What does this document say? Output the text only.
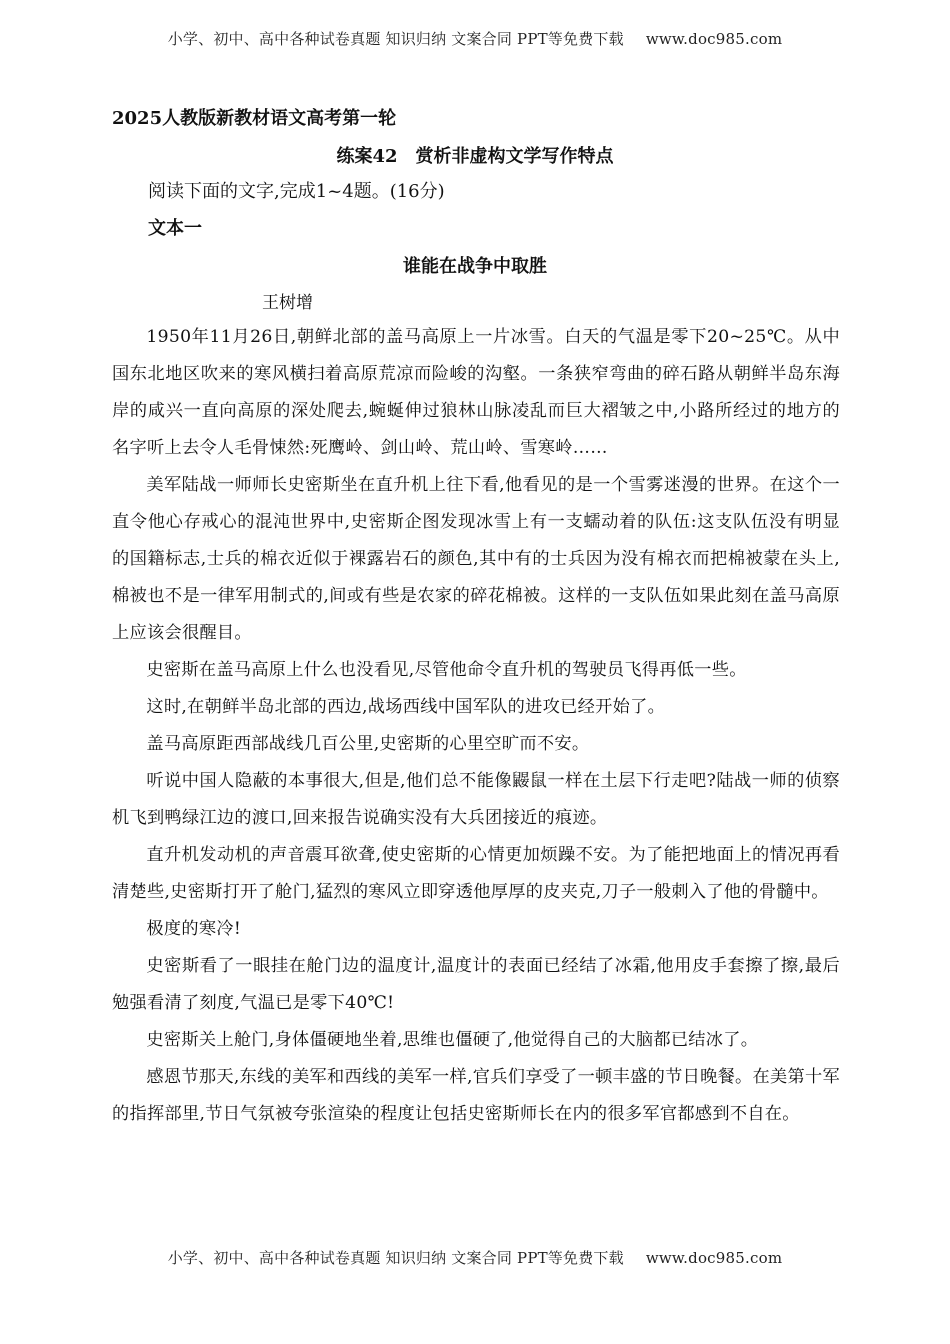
小学、初中、高中各种试卷真题 知识归纳 文案合同 PPT等免费下载 www.doc985.com
2025人教版新教材语文高考第一轮
练案42 赏析非虚构文学写作特点
阅读下面的文字,完成1~4题。(16分)
文本一
谁能在战争中取胜
王树增

1950年11月26日,朝鲜北部的盖马高原上一片冰雪。白天的气温是零下20~25℃。从中国东北地区吹来的寒风横扫着高原荒凉而险峻的沟壑。一条狭窄弯曲的碎石路从朝鲜半岛东海岸的咸兴一直向高原的深处爬去,蜿蜒伸过狼林山脉凌乱而巨大褶皱之中,小路所经过的地方的名字听上去令人毛骨悚然:死鹰岭、剑山岭、荒山岭、雪寒岭……

美军陆战一师师长史密斯坐在直升机上往下看,他看见的是一个雪雾迷漫的世界。在这个一直令他心存戒心的混沌世界中,史密斯企图发现冰雪上有一支蠕动着的队伍:这支队伍没有明显的国籍标志,士兵的棉衣近似于裸露岩石的颜色,其中有的士兵因为没有棉衣而把棉被蒙在头上,棉被也不是一律军用制式的,间或有些是农家的碎花棉被。这样的一支队伍如果此刻在盖马高原上应该会很醒目。

史密斯在盖马高原上什么也没看见,尽管他命令直升机的驾驶员飞得再低一些。

这时,在朝鲜半岛北部的西边,战场西线中国军队的进攻已经开始了。

盖马高原距西部战线几百公里,史密斯的心里空旷而不安。

听说中国人隐蔽的本事很大,但是,他们总不能像鼹鼠一样在土层下行走吧?陆战一师的侦察机飞到鸭绿江边的渡口,回来报告说确实没有大兵团接近的痕迹。

直升机发动机的声音震耳欲聋,使史密斯的心情更加烦躁不安。为了能把地面上的情况再看清楚些,史密斯打开了舱门,猛烈的寒风立即穿透他厚厚的皮夹克,刀子一般刺入了他的骨髓中。

极度的寒冷!

史密斯看了一眼挂在舱门边的温度计,温度计的表面已经结了冰霜,他用皮手套擦了擦,最后勉强看清了刻度,气温已是零下40℃!

史密斯关上舱门,身体僵硬地坐着,思维也僵硬了,他觉得自己的大脑都已结冰了。

感恩节那天,东线的美军和西线的美军一样,官兵们享受了一顿丰盛的节日晚餐。在美第十军的指挥部里,节日气氛被夸张渲染的程度让包括史密斯师长在内的很多军官都感到不自在。

小学、初中、高中各种试卷真题 知识归纳 文案合同 PPT等免费下载 www.doc985.com
